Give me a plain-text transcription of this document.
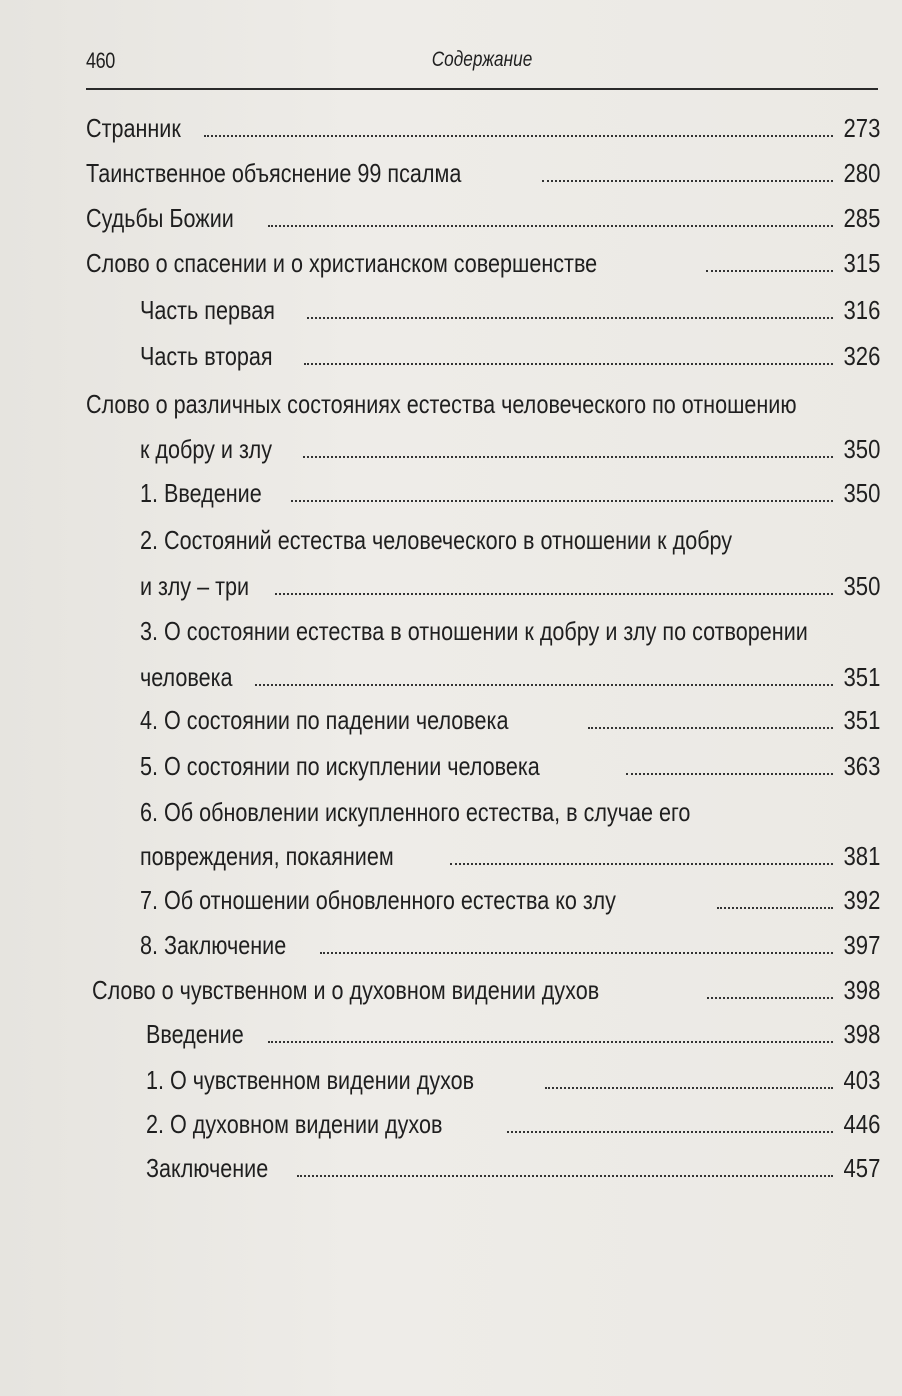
460	Содержание
Странник	273
Таинственное объяснение 99 псалма	280
Судьбы Божии	285
Слово о спасении и о христианском совершенстве	315
Часть первая	316
Часть вторая	326
Слово о различных состояниях естества человеческого по отношению
к добру и злу	350
1. Введение	350
2. Состояний естества человеческого в отношении к добру
и злу – три	350
3. О состоянии естества в отношении к добру и злу по сотворении
человека	351
4. О состоянии по падении человека	351
5. О состоянии по искуплении человека	363
6. Об обновлении искупленного естества, в случае его
повреждения, покаянием	381
7. Об отношении обновленного естества ко злу	392
8. Заключение	397
Слово о чувственном и о духовном видении духов	398
Введение	398
1. О чувственном видении духов	403
2. О духовном видении духов	446
Заключение	457
